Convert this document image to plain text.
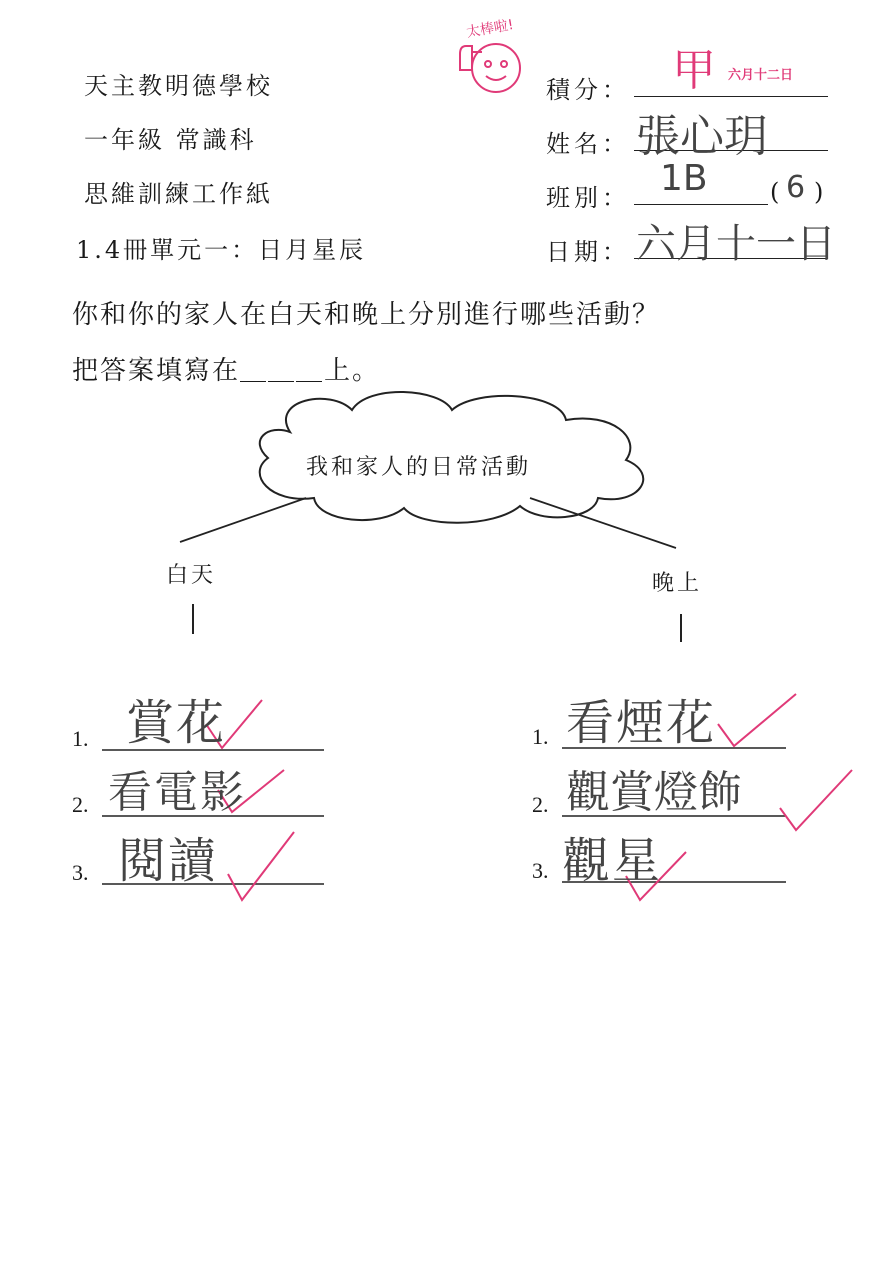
天主教明德學校
一年級 常識科
思維訓練工作紙
1.4冊單元一：日月星辰
太棒啦!
積分：
姓名：
班別：
日期：
甲 六月十二日
張心玥
1B	( 6 )
六月十一日
你和你的家人在白天和晚上分別進行哪些活動？
把答案填寫在＿＿＿上。
我和家人的日常活動
白天	晚上
1. 賞花
2. 看電影
3. 閱讀
1. 看煙花
2. 觀賞燈飾
3. 觀星
